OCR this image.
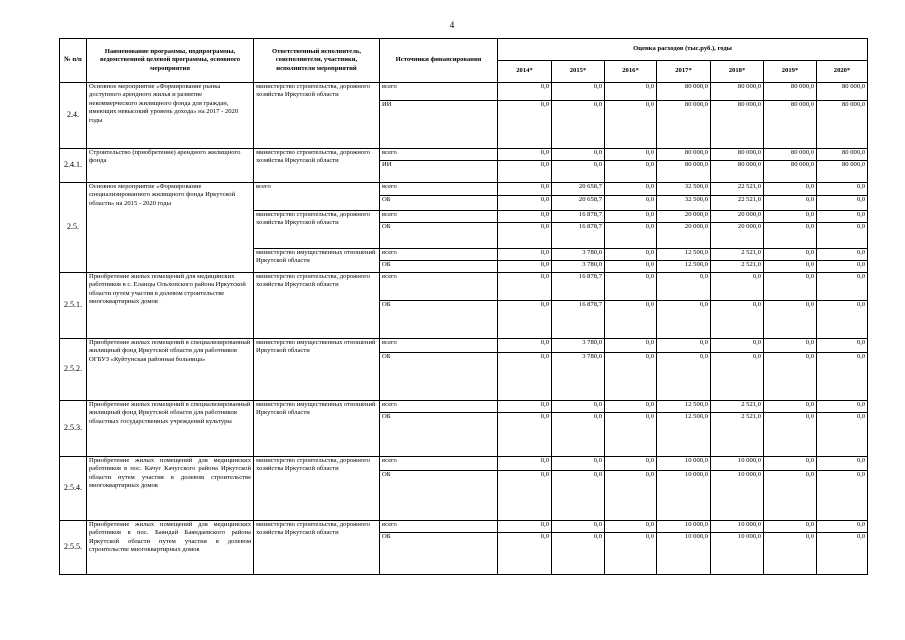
4
№ п/п	Наименование программы, подпрограммы, ведомственной целевой программы, основного мероприятия	Ответственный исполнитель, соисполнители, участники, исполнители мероприятий	Источники финансирования	Оценка расходов (тыс.руб.), годы						
				2014*	2015*	2016*	2017*	2018*	2019*	2020*
2.4.	Основное мероприятие «Формирование рынка доступного арендного жилья и развитие некоммерческого жилищного фонда для граждан, имеющих невысокий уровень дохода» на 2017 - 2020 годы	министерство строительства, дорожного хозяйства Иркутской области	всего	0,0	0,0	0,0	80 000,0	80 000,0	80 000,0	80 000,0
			ИИ	0,0	0,0	0,0	80 000,0	80 000,0	80 000,0	80 000,0
2.4.1.	Строительство (приобретение) арендного жилищного фонда	министерство строительства, дорожного хозяйства Иркутской области	всего	0,0	0,0	0,0	80 000,0	80 000,0	80 000,0	80 000,0
			ИИ	0,0	0,0	0,0	80 000,0	80 000,0	80 000,0	80 000,0
2.5.	Основное мероприятие «Формирование специализированного жилищного фонда Иркутской области» на 2015 - 2020 годы	всего	всего	0,0	20 658,7	0,0	32 500,0	22 521,0	0,0	0,0
			ОБ	0,0	20 658,7	0,0	32 500,0	22 521,0	0,0	0,0
		министерство строительства, дорожного хозяйства Иркутской области	всего	0,0	16 878,7	0,0	20 000,0	20 000,0	0,0	0,0
			ОБ	0,0	16 878,7	0,0	20 000,0	20 000,0	0,0	0,0
		министерство имущественных отношений Иркутской области	всего	0,0	3 780,0	0,0	12 500,0	2 521,0	0,0	0,0
			ОБ	0,0	3 780,0	0,0	12 500,0	2 521,0	0,0	0,0
2.5.1.	Приобретение жилых помещений для медицинских работников в с. Еланцы Ольхонского района Иркутской области путем участия в долевом строительстве многоквартирных домов	министерство строительства, дорожного хозяйства Иркутской области	всего	0,0	16 878,7	0,0	0,0	0,0	0,0	0,0
			ОБ	0,0	16 878,7	0,0	0,0	0,0	0,0	0,0
2.5.2.	Приобретение жилых помещений в специализированный жилищный фонд Иркутской области для работников ОГБУЗ «Куйтунская районная больница»	министерство имущественных отношений Иркутской области	всего	0,0	3 780,0	0,0	0,0	0,0	0,0	0,0
			ОБ	0,0	3 780,0	0,0	0,0	0,0	0,0	0,0
2.5.3.	Приобретение жилых помещений в специализированный жилищный фонд Иркутской области для работников областных государственных учреждений культуры	министерство имущественных отношений Иркутской области	всего	0,0	0,0	0,0	12 500,0	2 521,0	0,0	0,0
			ОБ	0,0	0,0	0,0	12 500,0	2 521,0	0,0	0,0
2.5.4.	Приобретение жилых помещений для медицинских работников в пос. Качуг Качугского района Иркутской области путем участия в долевом строительстве многоквартирных домов	министерство строительства, дорожного хозяйства Иркутской области	всего	0,0	0,0	0,0	10 000,0	10 000,0	0,0	0,0
			ОБ	0,0	0,0	0,0	10 000,0	10 000,0	0,0	0,0
2.5.5.	Приобретение жилых помещений для медицинских работников в пос. Баяндай Баяндаевского района Иркутской области путем участия в долевом строительстве многоквартирных домов	министерство строительства, дорожного хозяйства Иркутской области	всего	0,0	0,0	0,0	10 000,0	10 000,0	0,0	0,0
			ОБ	0,0	0,0	0,0	10 000,0	10 000,0	0,0	0,0
